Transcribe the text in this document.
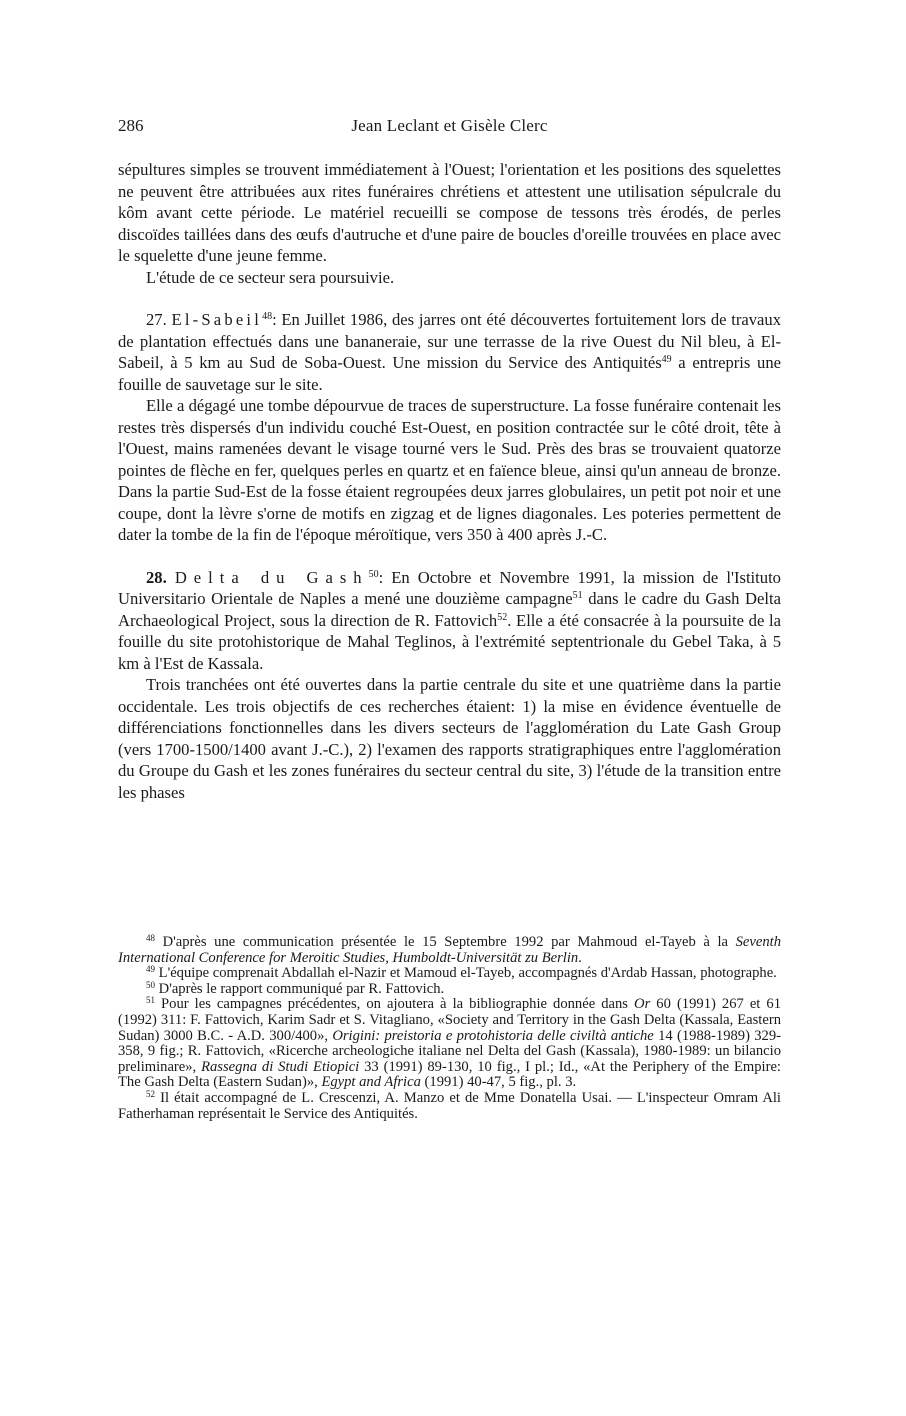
286	Jean Leclant et Gisèle Clerc

sépultures simples se trouvent immédiatement à l'Ouest; l'orientation et les positions des squelettes ne peuvent être attribuées aux rites funéraires chrétiens et attestent une utilisation sépulcrale du kôm avant cette période. Le matériel recueilli se compose de tessons très érodés, de perles discoïdes taillées dans des œufs d'autruche et d'une paire de boucles d'oreille trouvées en place avec le squelette d'une jeune femme.

L'étude de ce secteur sera poursuivie.

27. El-Sabeil$^{48}$: En Juillet 1986, des jarres ont été découvertes fortuitement lors de travaux de plantation effectués dans une bananeraie, sur une terrasse de la rive Ouest du Nil bleu, à El-Sabeil, à 5 km au Sud de Soba-Ouest. Une mission du Service des Antiquités$^{49}$ a entrepris une fouille de sauvetage sur le site.

Elle a dégagé une tombe dépourvue de traces de superstructure. La fosse funéraire contenait les restes très dispersés d'un individu couché Est-Ouest, en position contractée sur le côté droit, tête à l'Ouest, mains ramenées devant le visage tourné vers le Sud. Près des bras se trouvaient quatorze pointes de flèche en fer, quelques perles en quartz et en faïence bleue, ainsi qu'un anneau de bronze. Dans la partie Sud-Est de la fosse étaient regroupées deux jarres globulaires, un petit pot noir et une coupe, dont la lèvre s'orne de motifs en zigzag et de lignes diagonales. Les poteries permettent de dater la tombe de la fin de l'époque méroïtique, vers 350 à 400 après J.-C.

28. Delta du Gash$^{50}$: En Octobre et Novembre 1991, la mission de l'Istituto Universitario Orientale de Naples a mené une douzième campagne$^{51}$ dans le cadre du Gash Delta Archaeological Project, sous la direction de R. Fattovich$^{52}$. Elle a été consacrée à la poursuite de la fouille du site protohistorique de Mahal Teglinos, à l'extrémité septentrionale du Gebel Taka, à 5 km à l'Est de Kassala.

Trois tranchées ont été ouvertes dans la partie centrale du site et une quatrième dans la partie occidentale. Les trois objectifs de ces recherches étaient: 1) la mise en évidence éventuelle de différenciations fonctionnelles dans les divers secteurs de l'agglomération du Late Gash Group (vers 1700-1500/1400 avant J.-C.), 2) l'examen des rapports stratigraphiques entre l'agglomération du Groupe du Gash et les zones funéraires du secteur central du site, 3) l'étude de la transition entre les phases

$^{48}$ D'après une communication présentée le 15 Septembre 1992 par Mahmoud el-Tayeb à la Seventh International Conference for Meroitic Studies, Humboldt-Universität zu Berlin.

$^{49}$ L'équipe comprenait Abdallah el-Nazir et Mamoud el-Tayeb, accompagnés d'Ardab Hassan, photographe.

$^{50}$ D'après le rapport communiqué par R. Fattovich.

$^{51}$ Pour les campagnes précédentes, on ajoutera à la bibliographie donnée dans Or 60 (1991) 267 et 61 (1992) 311: F. Fattovich, Karim Sadr et S. Vitagliano, «Society and Territory in the Gash Delta (Kassala, Eastern Sudan) 3000 B.C. - A.D. 300/400», Origini: preistoria e protohistoria delle civiltà antiche 14 (1988-1989) 329-358, 9 fig.; R. Fattovich, «Ricerche archeologiche italiane nel Delta del Gash (Kassala), 1980-1989: un bilancio preliminare», Rassegna di Studi Etiopici 33 (1991) 89-130, 10 fig., I pl.; Id., «At the Periphery of the Empire: The Gash Delta (Eastern Sudan)», Egypt and Africa (1991) 40-47, 5 fig., pl. 3.

$^{52}$ Il était accompagné de L. Crescenzi, A. Manzo et de Mme Donatella Usai. — L'inspecteur Omram Ali Fatherhaman représentait le Service des Antiquités.
